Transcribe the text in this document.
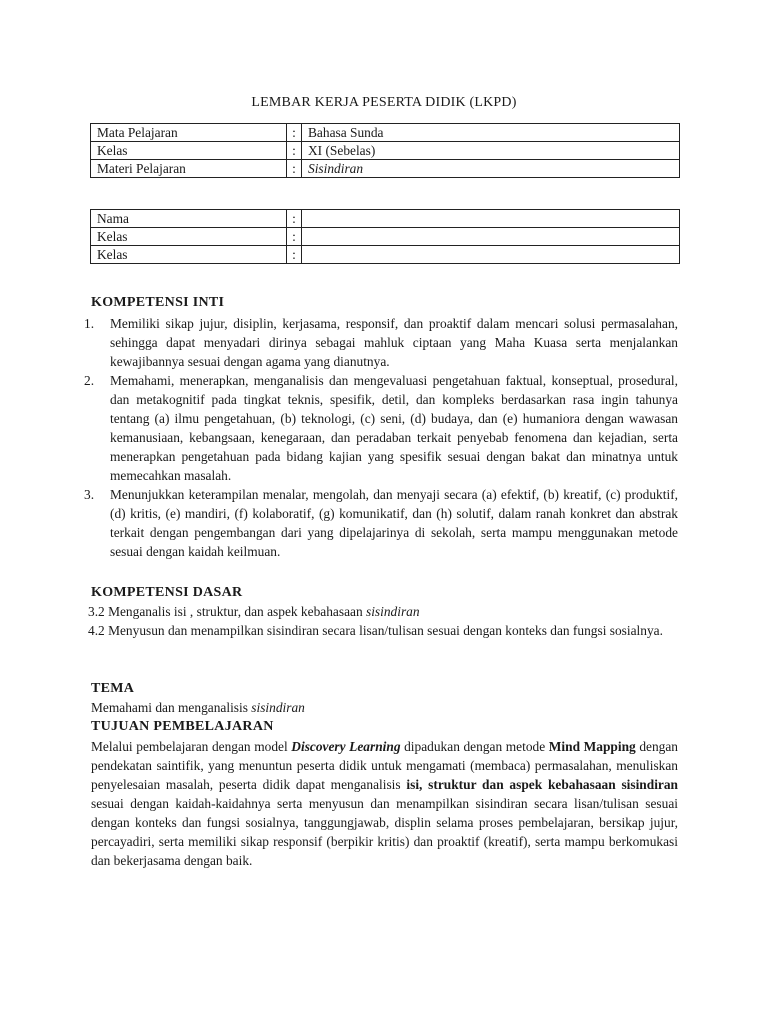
LEMBAR KERJA PESERTA DIDIK (LKPD)
Mata Pelajaran	:	Bahasa Sunda
Kelas	:	XI (Sebelas)
Materi Pelajaran	:	Sisindiran
Nama	:	
Kelas	:	
Kelas	:	
KOMPETENSI INTI
1. Memiliki sikap jujur, disiplin, kerjasama, responsif, dan proaktif dalam mencari solusi permasalahan, sehingga dapat menyadari dirinya sebagai mahluk ciptaan yang Maha Kuasa serta menjalankan kewajibannya sesuai dengan agama yang dianutnya.
2. Memahami, menerapkan, menganalisis dan mengevaluasi pengetahuan faktual, konseptual, prosedural, dan metakognitif pada tingkat teknis, spesifik, detil, dan kompleks berdasarkan rasa ingin tahunya tentang (a) ilmu pengetahuan, (b) teknologi, (c) seni, (d) budaya, dan (e) humaniora dengan wawasan kemanusiaan, kebangsaan, kenegaraan, dan peradaban terkait penyebab fenomena dan kejadian, serta menerapkan pengetahuan pada bidang kajian yang spesifik sesuai dengan bakat dan minatnya untuk memecahkan masalah.
3. Menunjukkan keterampilan menalar, mengolah, dan menyaji secara (a) efektif, (b) kreatif, (c) produktif, (d) kritis, (e) mandiri, (f) kolaboratif, (g) komunikatif, dan (h) solutif, dalam ranah konkret dan abstrak terkait dengan pengembangan dari yang dipelajarinya di sekolah, serta mampu menggunakan metode sesuai dengan kaidah keilmuan.
KOMPETENSI DASAR

3.2 Menganalis isi , struktur, dan aspek kebahasaan sisindiran

4.2 Menyusun dan menampilkan sisindiran secara lisan/tulisan sesuai dengan konteks dan fungsi sosialnya.

TEMA
Memahami dan menganalisis sisindiran
TUJUAN PEMBELAJARAN
Melalui pembelajaran dengan model Discovery Learning dipadukan dengan metode Mind Mapping dengan pendekatan saintifik, yang menuntun peserta didik untuk mengamati (membaca) permasalahan, menuliskan penyelesaian masalah, peserta didik dapat menganalisis isi, struktur dan aspek kebahasaan sisindiran sesuai dengan kaidah-kaidahnya serta menyusun dan menampilkan sisindiran secara lisan/tulisan sesuai dengan konteks dan fungsi sosialnya, tanggungjawab, displin selama proses pembelajaran, bersikap jujur, percayadiri, serta memiliki sikap responsif (berpikir kritis) dan proaktif (kreatif), serta mampu berkomukasi dan bekerjasama dengan baik.
